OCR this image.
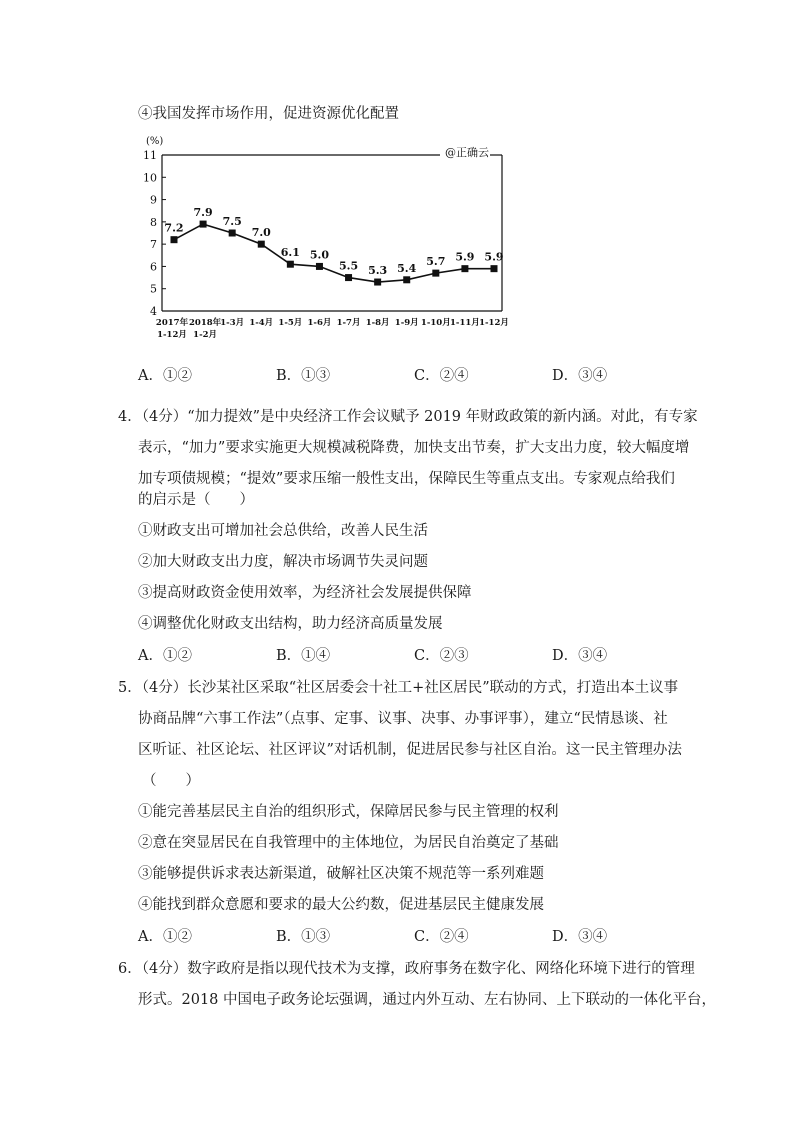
④我国发挥市场作用，促进资源优化配置
(%)
@正确云
4
5
6
7
8
9
10
11
7.2
7.9
7.5
7.0
6.1 5.0
5.5 5.3 5.4
5.7 5.9 5.9
2017年 2018年 1-3月 1-4月 1-5月 1-6月 1-7月 1-8月 1-9月 1-10月 1-11月 1-12月
1-12月 1-2月
A．①②	B．①③	C．②④	D．③④
4．（4分）“加力提效”是中央经济工作会议赋予 2019 年财政政策的新内涵。对此，有专家
表示，“加力”要求实施更大规模减税降费，加快支出节奏，扩大支出力度，较大幅度增
加专项债规模；“提效”要求压缩一般性支出，保障民生等重点支出。专家观点给我们
的启示是（　　）
①财政支出可增加社会总供给，改善人民生活
②加大财政支出力度，解决市场调节失灵问题
③提高财政资金使用效率，为经济社会发展提供保障
④调整优化财政支出结构，助力经济高质量发展
A．①②	B．①④	C．②③	D．③④
5．（4分）长沙某社区采取“社区居委会十社工+社区居民”联动的方式，打造出本土议事
协商品牌“六事工作法”（点事、定事、议事、决事、办事评事），建立“民情恳谈、社
区听证、社区论坛、社区评议”对话机制，促进居民参与社区自治。这一民主管理办法
（　　）
①能完善基层民主自治的组织形式，保障居民参与民主管理的权利
②意在突显居民在自我管理中的主体地位，为居民自治奠定了基础
③能够提供诉求表达新渠道，破解社区决策不规范等一系列难题
④能找到群众意愿和要求的最大公约数，促进基层民主健康发展
A．①②	B．①③	C．②④	D．③④
6．（4分）数字政府是指以现代技术为支撑，政府事务在数字化、网络化环境下进行的管理
形式。2018 中国电子政务论坛强调，通过内外互动、左右协同、上下联动的一体化平台，
